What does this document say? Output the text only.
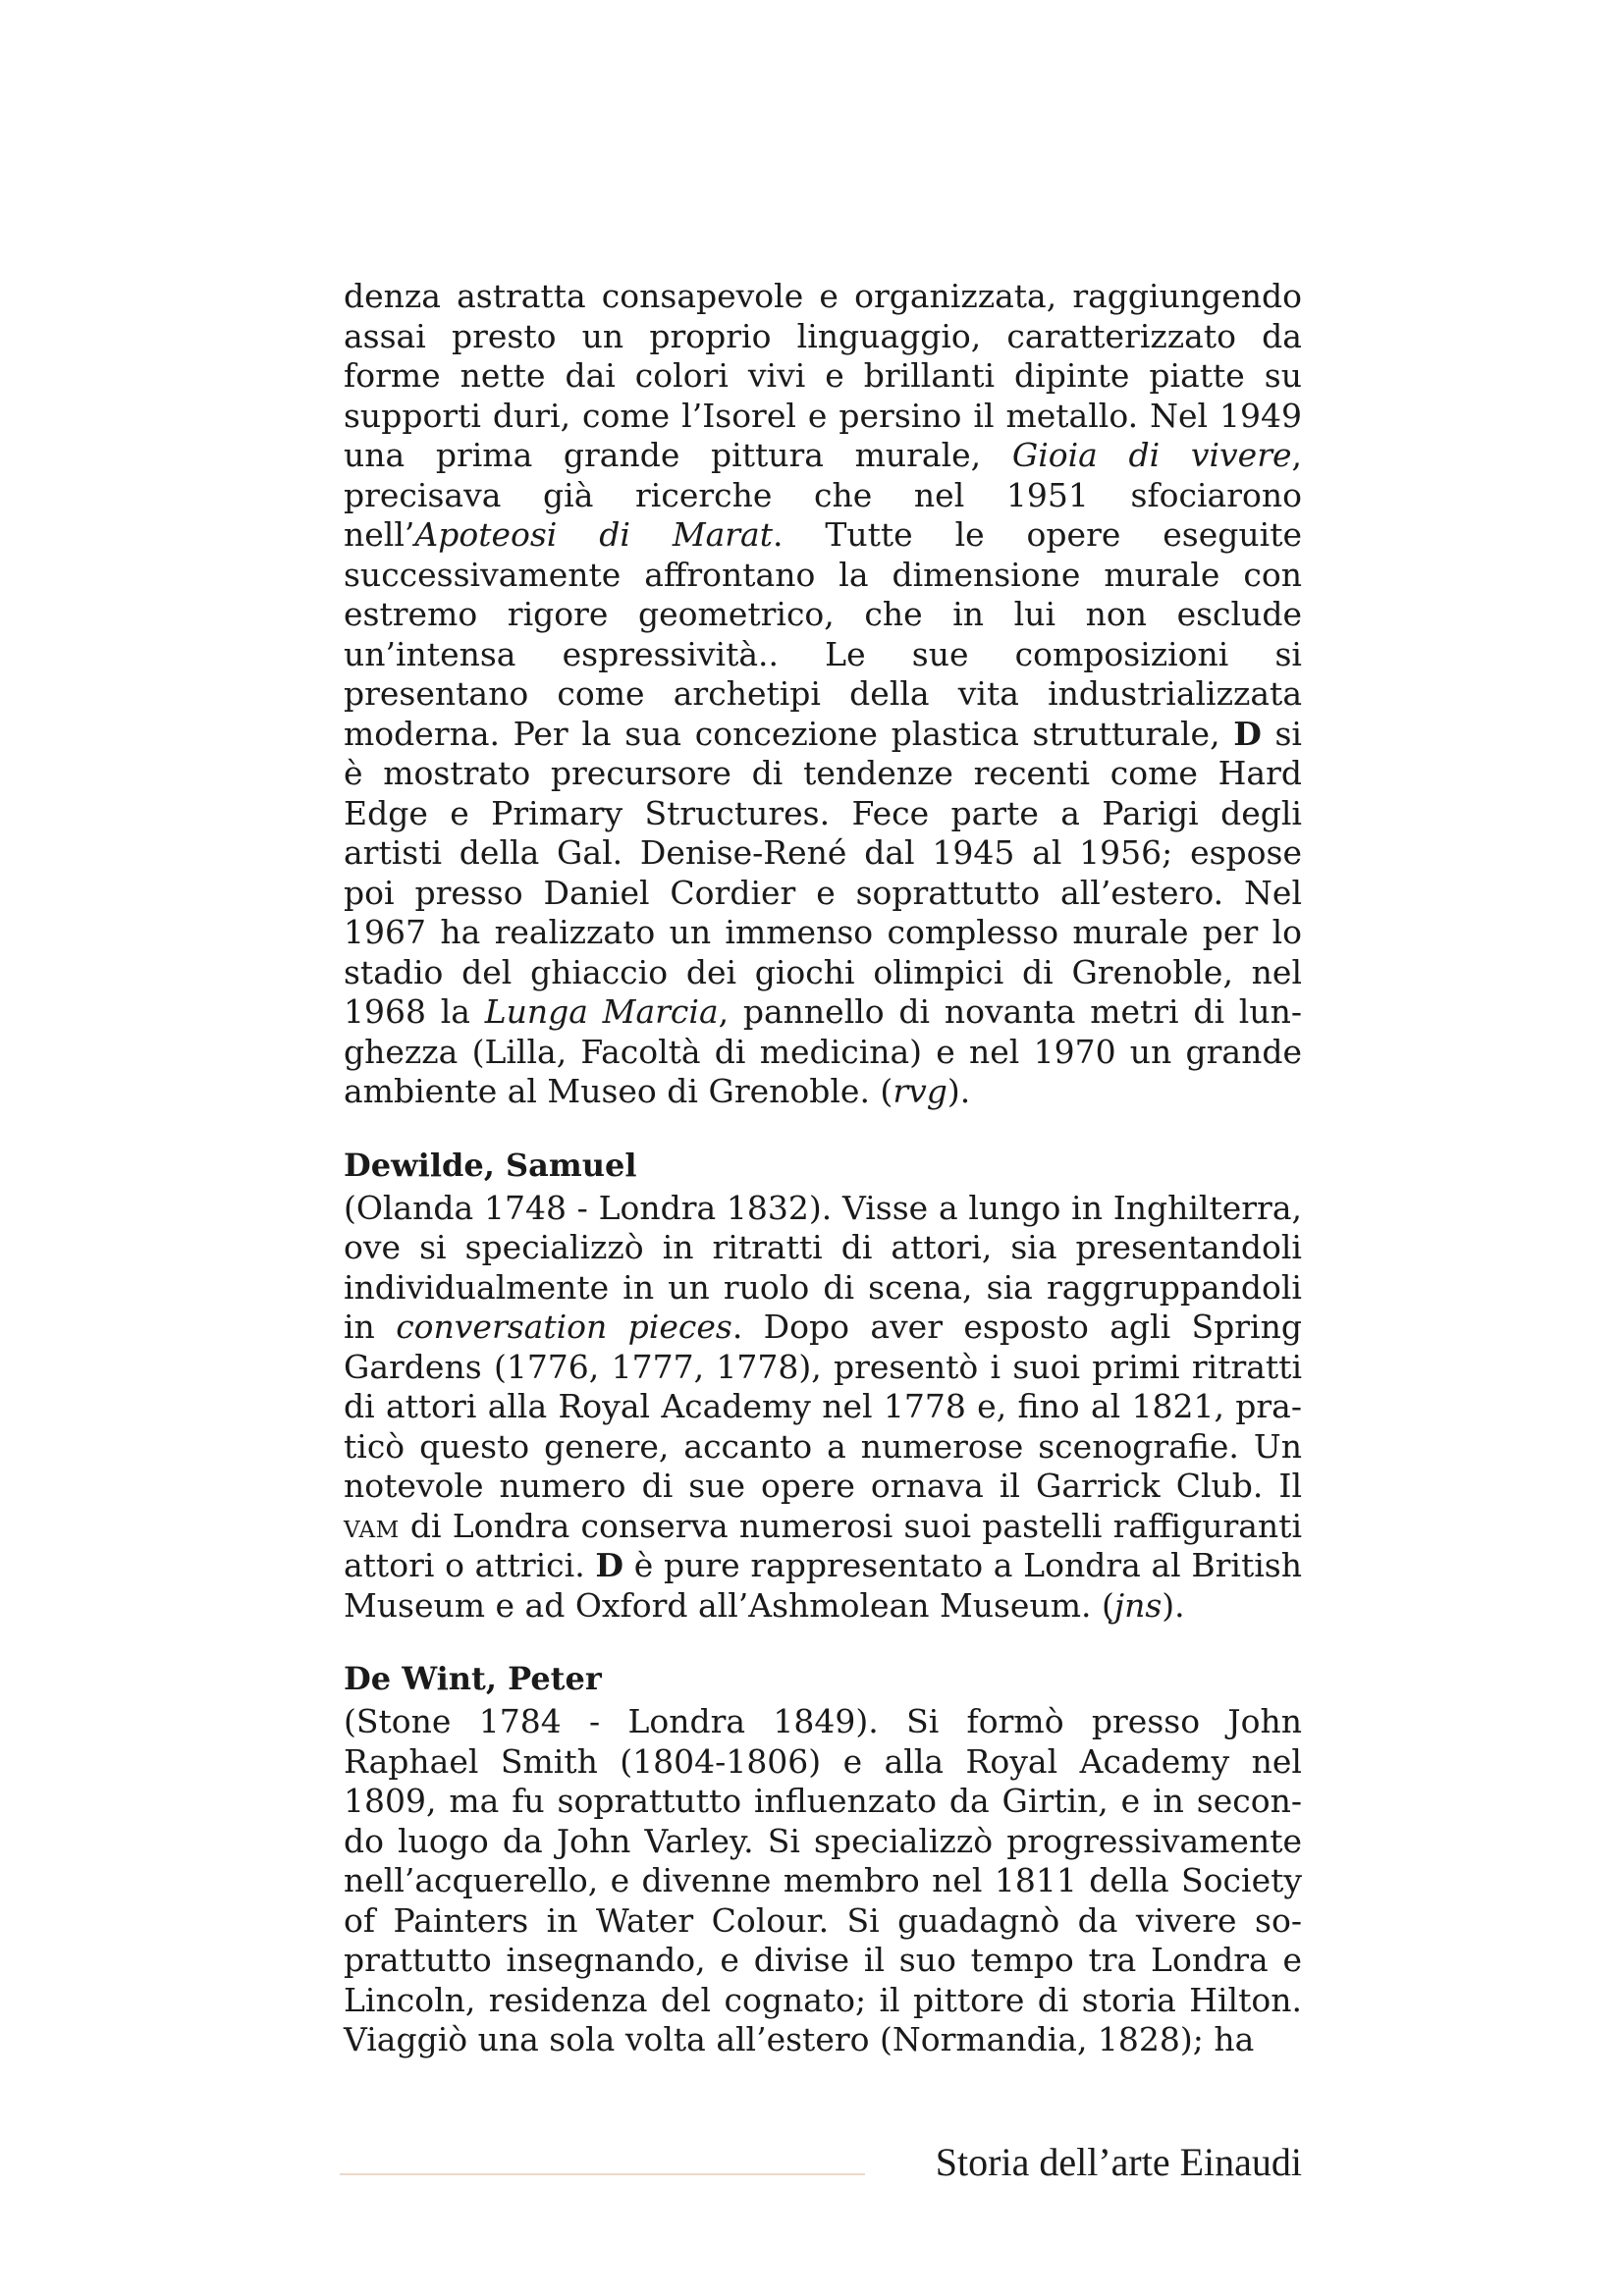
denza astratta consapevole e organizzata, raggiungendo assai presto un proprio linguaggio, caratterizzato da forme nette dai colori vivi e brillanti dipinte piatte su supporti duri, come l’Isorel e persino il metallo. Nel 1949 una prima grande pittura murale, Gioia di vivere, precisava già ricerche che nel 1951 sfociarono nell’Apoteosi di Marat. Tutte le opere eseguite successivamente affrontano la dimensione murale con estremo rigore geometrico, che in lui non esclude un’intensa espressività.. Le sue composizioni si presentano come archetipi della vita industrializzata moderna. Per la sua concezione plastica strutturale, D si è mostrato precursore di tendenze recenti come Hard Edge e Primary Structures. Fece parte a Parigi degli artisti della Gal. Denise-René dal 1945 al 1956; espose poi presso Daniel Cordier e soprattutto all’estero. Nel 1967 ha realizzato un immenso complesso murale per lo stadio del ghiaccio dei giochi olimpici di Grenoble, nel 1968 la Lunga Marcia, pannello di novanta metri di lunghezza (Lilla, Facoltà di medicina) e nel 1970 un grande ambiente al Museo di Grenoble. (rvg).

Dewilde, Samuel

(Olanda 1748 - Londra 1832). Visse a lungo in Inghilterra, ove si specializzò in ritratti di attori, sia presentandoli individualmente in un ruolo di scena, sia raggruppandoli in conversation pieces. Dopo aver esposto agli Spring Gardens (1776, 1777, 1778), presentò i suoi primi ritratti di attori alla Royal Academy nel 1778 e, fino al 1821, praticò questo genere, accanto a numerose scenografie. Un notevole numero di sue opere ornava il Garrick Club. Il vam di Londra conserva numerosi suoi pastelli raffiguranti attori o attrici. D è pure rappresentato a Londra al British Museum e ad Oxford all’Ashmolean Museum. (jns).

De Wint, Peter

(Stone 1784 - Londra 1849). Si formò presso John Raphael Smith (1804-1806) e alla Royal Academy nel 1809, ma fu soprattutto influenzato da Girtin, e in secondo luogo da John Varley. Si specializzò progressivamente nell’acquerello, e divenne membro nel 1811 della Society of Painters in Water Colour. Si guadagnò da vivere soprattutto insegnando, e divise il suo tempo tra Londra e Lincoln, residenza del cognato; il pittore di storia Hilton. Viaggiò una sola volta all’estero (Normandia, 1828); ha

Storia dell’arte Einaudi
